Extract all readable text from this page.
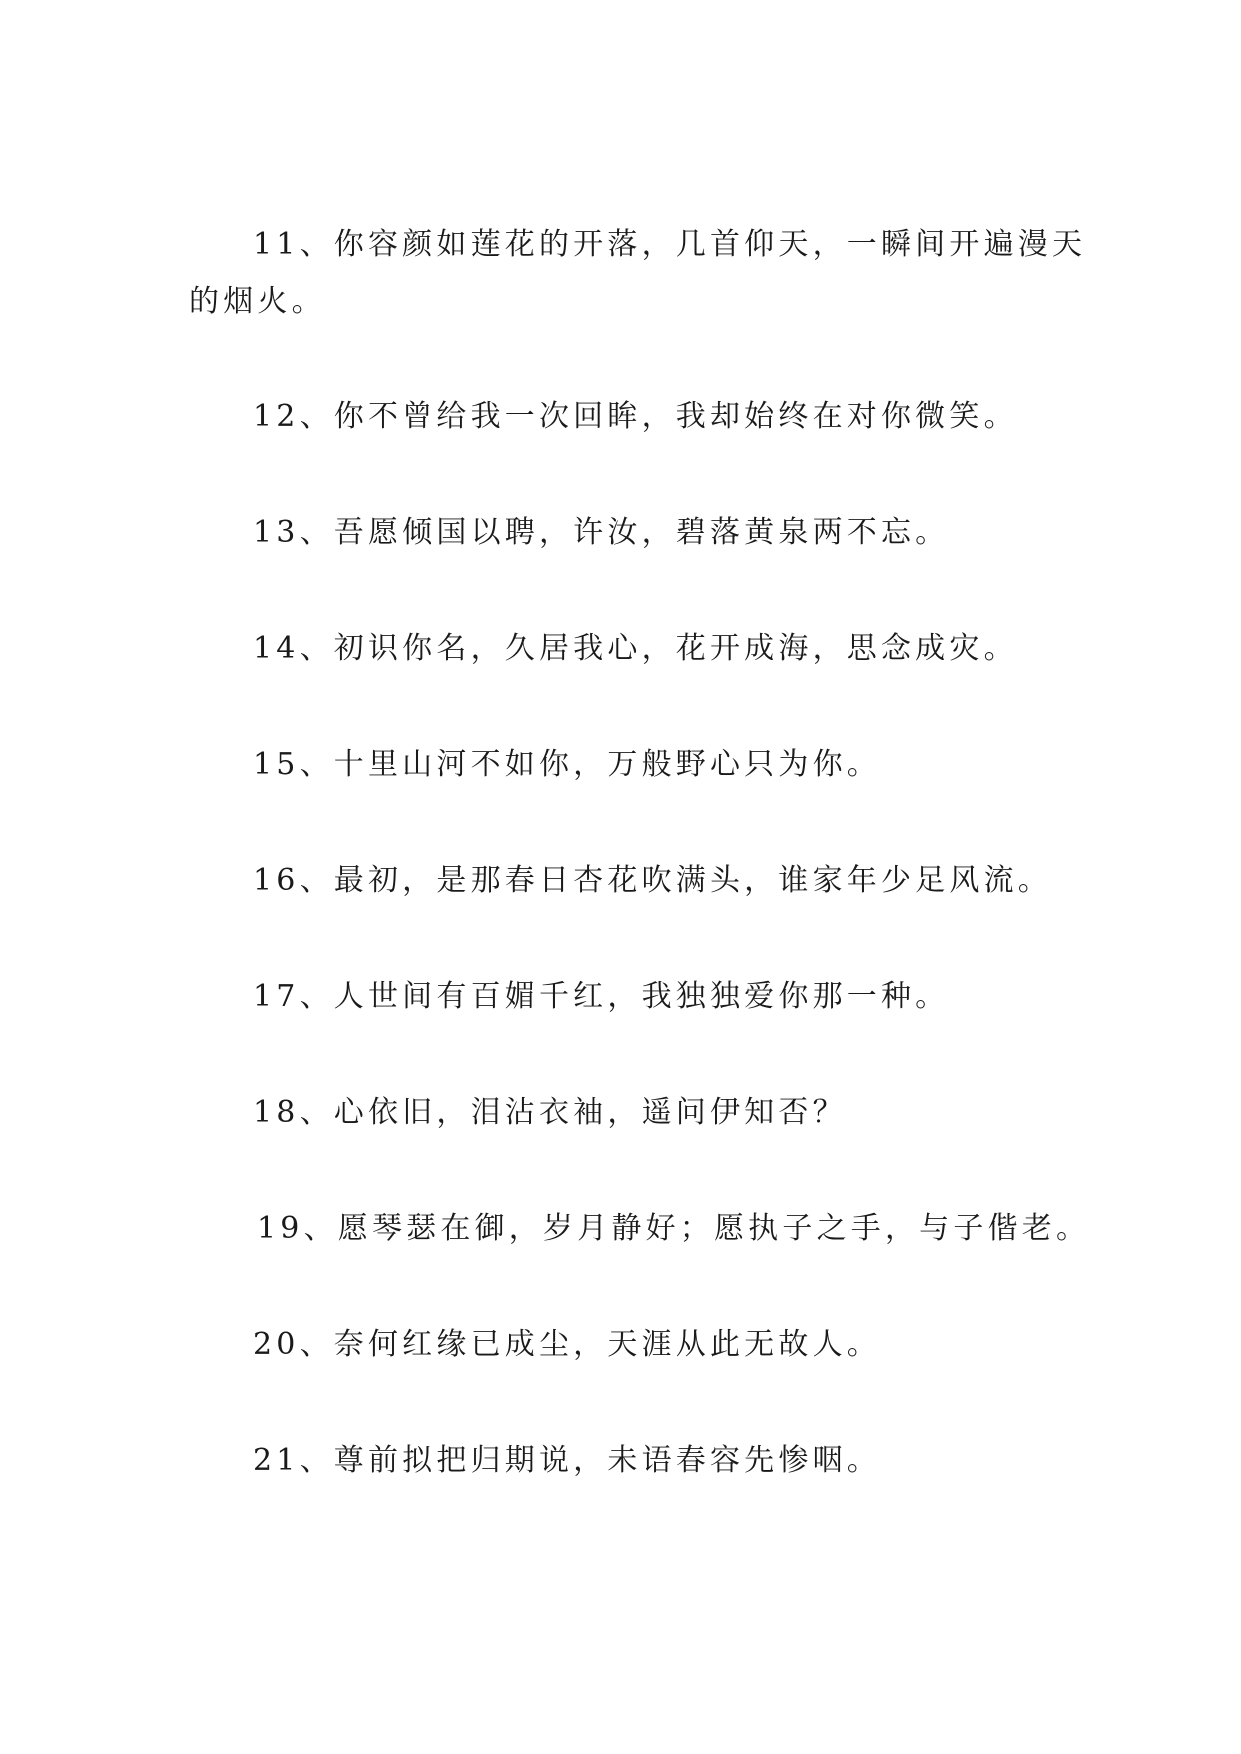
11、你容颜如莲花的开落，几首仰天，一瞬间开遍漫天
的烟火。
12、你不曾给我一次回眸，我却始终在对你微笑。
13、吾愿倾国以聘，许汝，碧落黄泉两不忘。
14、初识你名，久居我心，花开成海，思念成灾。
15、十里山河不如你，万般野心只为你。
16、最初，是那春日杏花吹满头，谁家年少足风流。
17、人世间有百媚千红，我独独爱你那一种。
18、心依旧，泪沾衣袖，遥问伊知否？
19、愿琴瑟在御，岁月静好；愿执子之手，与子偕老。
20、奈何红缘已成尘，天涯从此无故人。
21、尊前拟把归期说，未语春容先惨咽。
